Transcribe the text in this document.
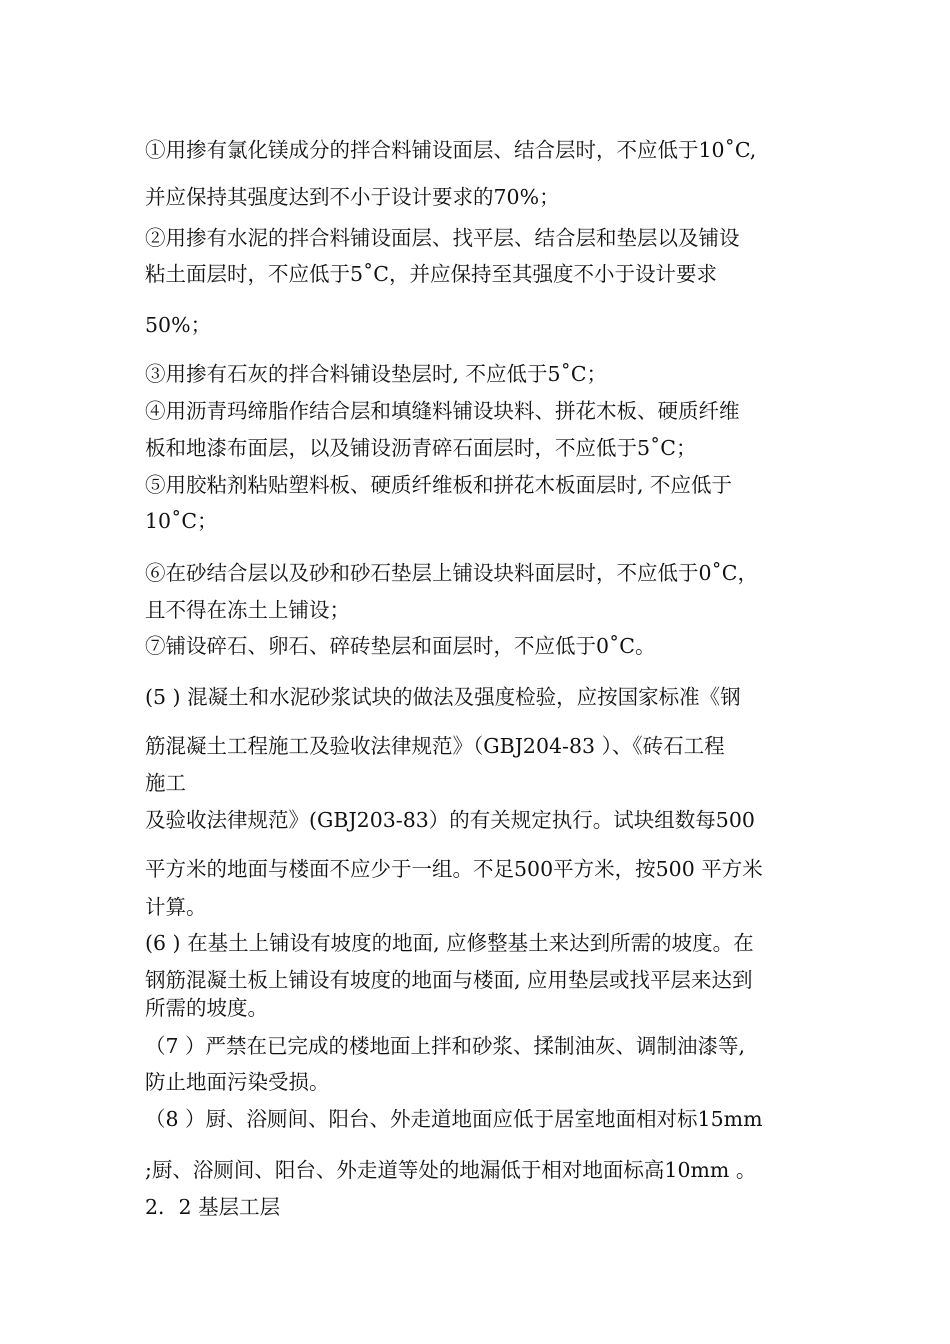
①用掺有氯化镁成分的拌合料铺设面层、结合层时，不应低于10˚C,
并应保持其强度达到不小于设计要求的70%；
②用掺有水泥的拌合料铺设面层、找平层、结合层和垫层以及铺设
粘土面层时，不应低于5˚C，并应保持至其强度不小于设计要求
50%；
③用掺有石灰的拌合料铺设垫层时, 不应低于5˚C；
④用沥青玛缔脂作结合层和填缝料铺设块料、拼花木板、硬质纤维
板和地漆布面层，以及铺设沥青碎石面层时，不应低于5˚C；
⑤用胶粘剂粘贴塑料板、硬质纤维板和拼花木板面层时, 不应低于
10˚C；
⑥在砂结合层以及砂和砂石垫层上铺设块料面层时，不应低于0˚C，
且不得在冻土上铺设；
⑦铺设碎石、卵石、碎砖垫层和面层时，不应低于0˚C。
(5 ) 混凝土和水泥砂浆试块的做法及强度检验，应按国家标准《钢
筋混凝土工程施工及验收法律规范》（GBJ204-83 ）、《砖石工程
施工
及验收法律规范》(GBJ203-83）的有关规定执行。试块组数每500
平方米的地面与楼面不应少于一组。不足500平方米，按500 平方米
计算。
(6 ) 在基土上铺设有坡度的地面, 应修整基土来达到所需的坡度。在
钢筋混凝土板上铺设有坡度的地面与楼面, 应用垫层或找平层来达到
所需的坡度。
（7 ）严禁在已完成的楼地面上拌和砂浆、揉制油灰、调制油漆等,
防止地面污染受损。
（8 ）厨、浴厕间、阳台、外走道地面应低于居室地面相对标15mm
;厨、浴厕间、阳台、外走道等处的地漏低于相对地面标高10mm 。
2．2 基层工层
